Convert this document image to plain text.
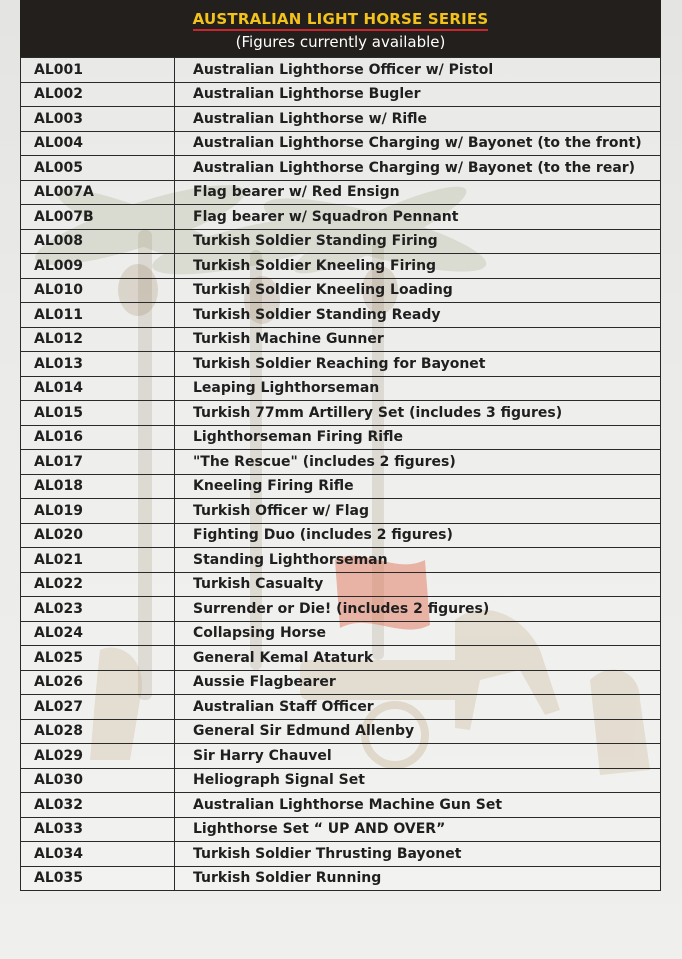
AUSTRALIAN LIGHT HORSE SERIES
(Figures currently available)
AL001	Australian Lighthorse Officer w/ Pistol
AL002	Australian Lighthorse Bugler
AL003	Australian Lighthorse w/ Rifle
AL004	Australian Lighthorse Charging w/ Bayonet (to the front)
AL005	Australian Lighthorse Charging w/ Bayonet (to the rear)
AL007A	Flag bearer w/ Red Ensign
AL007B	Flag bearer w/ Squadron Pennant
AL008	Turkish Soldier Standing Firing
AL009	Turkish Soldier Kneeling Firing
AL010	Turkish Soldier Kneeling Loading
AL011	Turkish Soldier Standing Ready
AL012	Turkish Machine Gunner
AL013	Turkish Soldier Reaching for Bayonet
AL014	Leaping Lighthorseman
AL015	Turkish 77mm Artillery Set (includes 3 figures)
AL016	Lighthorseman Firing Rifle
AL017	"The Rescue" (includes 2 figures)
AL018	Kneeling Firing Rifle
AL019	Turkish Officer w/ Flag
AL020	Fighting Duo (includes 2 figures)
AL021	Standing Lighthorseman
AL022	Turkish Casualty
AL023	Surrender or Die! (includes 2 figures)
AL024	Collapsing Horse
AL025	General Kemal Ataturk
AL026	Aussie Flagbearer
AL027	Australian Staff Officer
AL028	General Sir Edmund Allenby
AL029	Sir Harry Chauvel
AL030	Heliograph Signal Set
AL032	Australian Lighthorse Machine Gun Set
AL033	Lighthorse Set “ UP AND OVER”
AL034	Turkish Soldier Thrusting Bayonet
AL035	Turkish Soldier Running
